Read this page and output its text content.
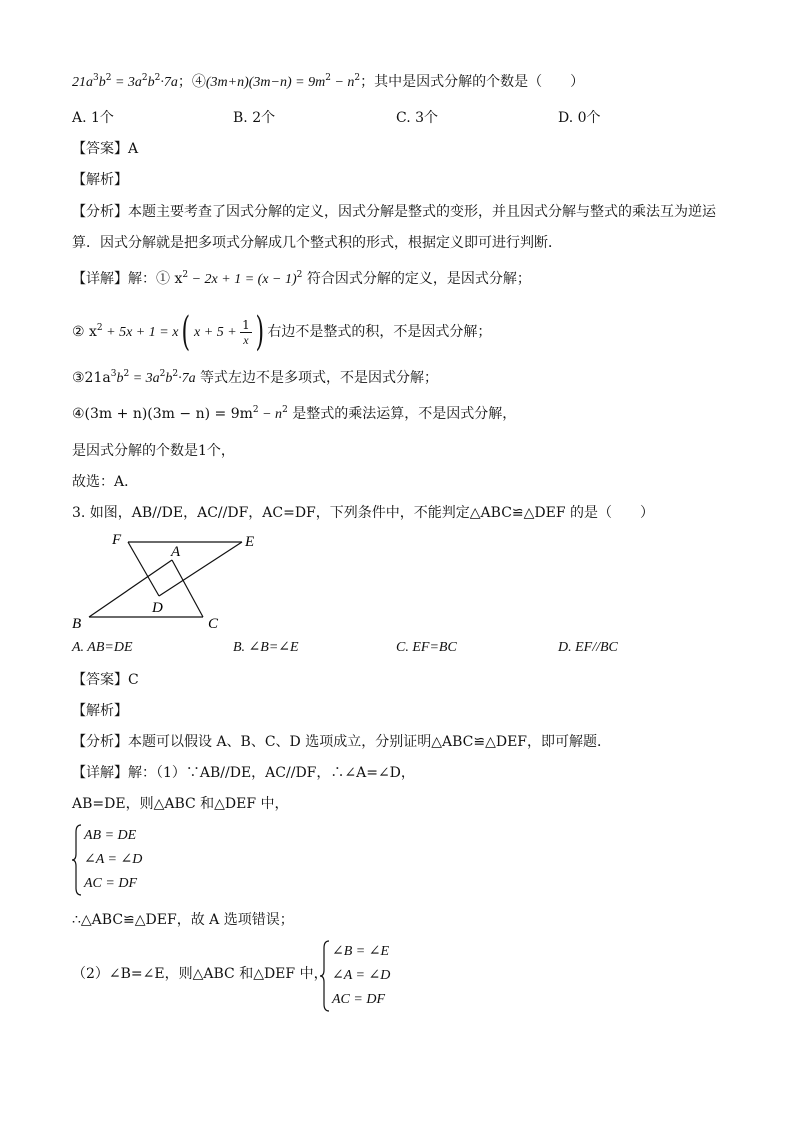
$21a^3b^2 = 3a^2b^2\cdot 7a$；④(3m+n)(3m−n) = $9m^2 - n^2$；其中是因式分解的个数是（　　）
A. 1个	B. 2个	C. 3个	D. 0个
【答案】A
【解析】
【分析】本题主要考查了因式分解的定义，因式分解是整式的变形，并且因式分解与整式的乘法互为逆运
算．因式分解就是把多项式分解成几个整式积的形式，根据定义即可进行判断．
【详解】解：① $x^2 - 2x + 1 = (x - 1)^2$ 符合因式分解的定义，是因式分解；
② $x^2 + 5x + 1 = x$( $x + 5 + \frac{1}{x}$ ) 右边不是整式的积，不是因式分解；
$③21a^3b^2 = 3a^2b^2\cdot 7a$ 等式左边不是多项式，不是因式分解；
④(3m + $n)(3m - n) = 9m^2 - n^2$ 是整式的乘法运算，不是因式分解，
是因式分解的个数是1个，
故选：A．
3. 如图，AB//DE，AC//DF，AC=DF，下列条件中，不能判定△ABC≌△DEF 的是（　　）
F
A
E
D
B	C
A. AB=DE	B. ∠B=∠E	C. EF=BC	D. EF//BC
【答案】C
【解析】
【分析】本题可以假设 A、B、C、D 选项成立，分别证明△ABC≌△DEF，即可解题．
【详解】解：（1）∵AB//DE，AC//DF，∴∠A=∠D，
AB=DE，则△ABC 和△DEF 中，
AB = DE
∠A = ∠D
AC = DF
∴△ABC≌△DEF，故 A 选项错误；
（2）∠B=∠E，则△ABC 和△DEF 中，
∠B = ∠E
∠A = ∠D
AC = DF
